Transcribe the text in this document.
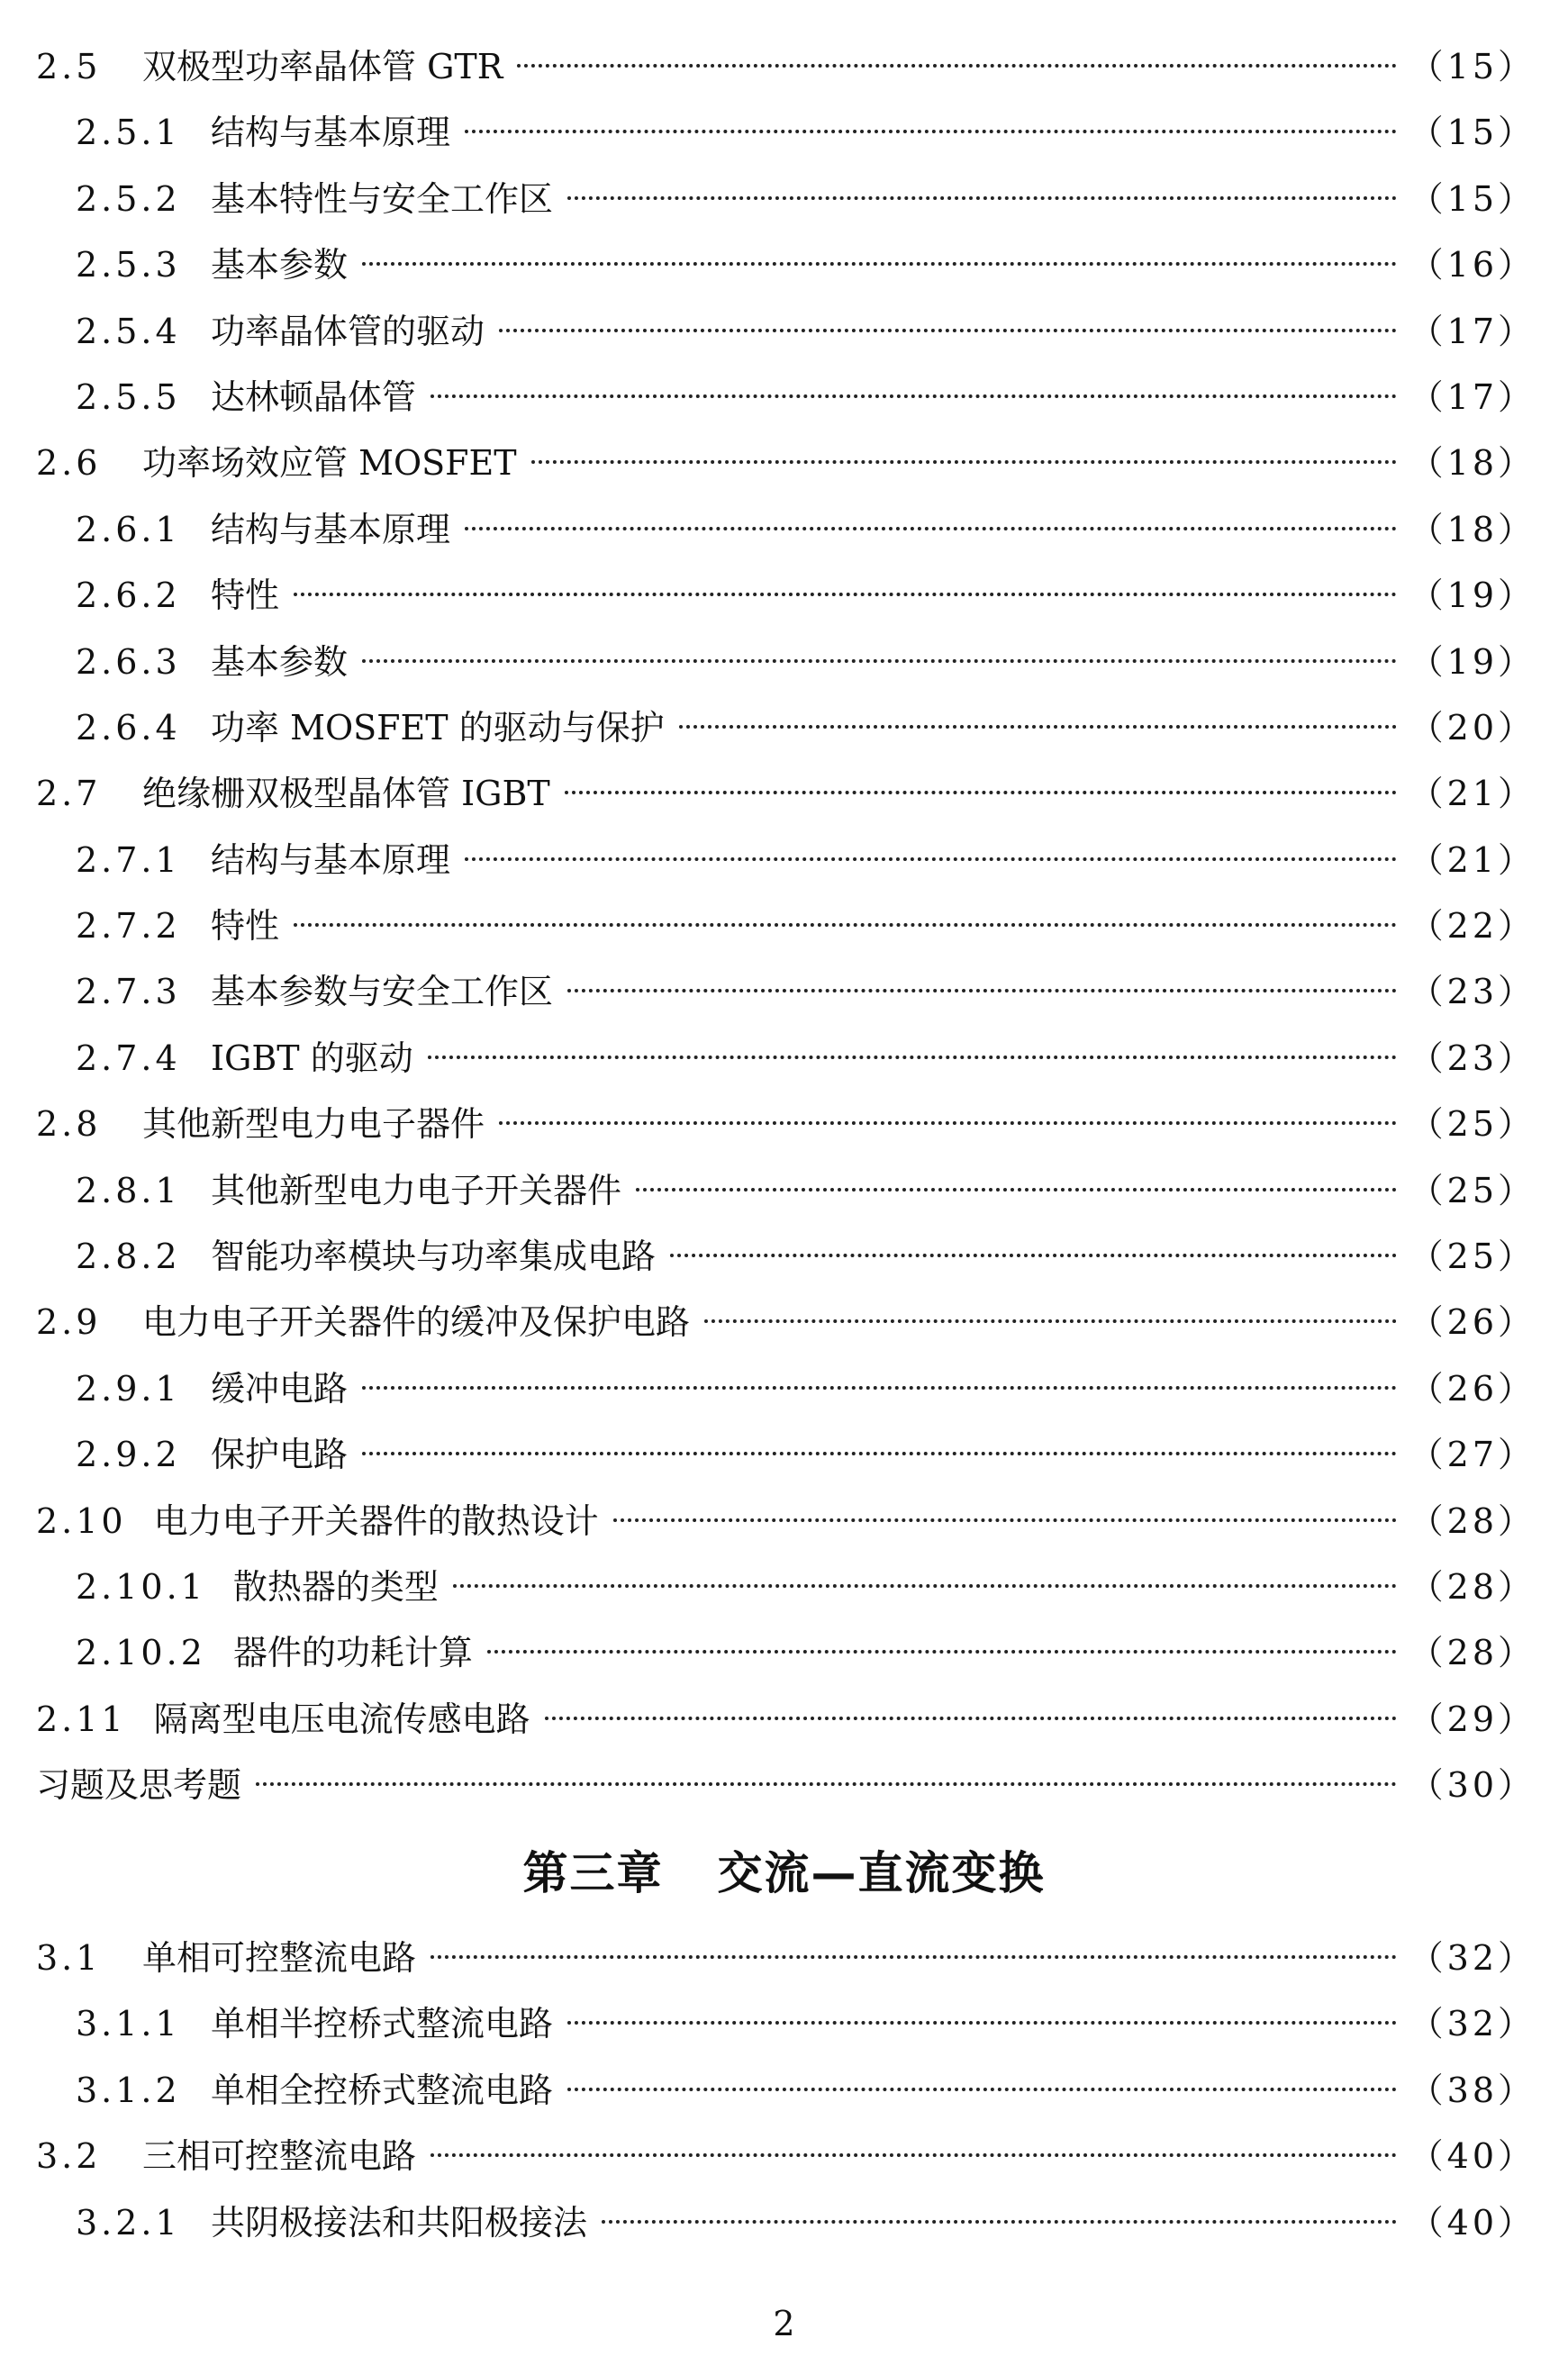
2.5	双极型功率晶体管 GTR	（15）
2.5.1 结构与基本原理	（15）
2.5.2 基本特性与安全工作区	（15）
2.5.3 基本参数	（16）
2.5.4 功率晶体管的驱动	（17）
2.5.5 达林顿晶体管	（17）
2.6	功率场效应管 MOSFET	（18）
2.6.1 结构与基本原理	（18）
2.6.2 特性	（19）
2.6.3 基本参数	（19）
2.6.4 功率 MOSFET 的驱动与保护	（20）
2.7	绝缘栅双极型晶体管 IGBT	（21）
2.7.1 结构与基本原理	（21）
2.7.2 特性	（22）
2.7.3 基本参数与安全工作区	（23）
2.7.4 IGBT 的驱动	（23）
2.8	其他新型电力电子器件	（25）
2.8.1 其他新型电力电子开关器件	（25）
2.8.2 智能功率模块与功率集成电路	（25）
2.9	电力电子开关器件的缓冲及保护电路	（26）
2.9.1 缓冲电路	（26）
2.9.2 保护电路	（27）
2.10 电力电子开关器件的散热设计	（28）
2.10.1 散热器的类型	（28）
2.10.2 器件的功耗计算	（28）
2.11 隔离型电压电流传感电路	（29）
习题及思考题	（30）
第三章 交流—直流变换
3.1	单相可控整流电路	（32）
3.1.1 单相半控桥式整流电路	（32）
3.1.2 单相全控桥式整流电路	（38）
3.2	三相可控整流电路	（40）
3.2.1 共阴极接法和共阳极接法	（40）
2
